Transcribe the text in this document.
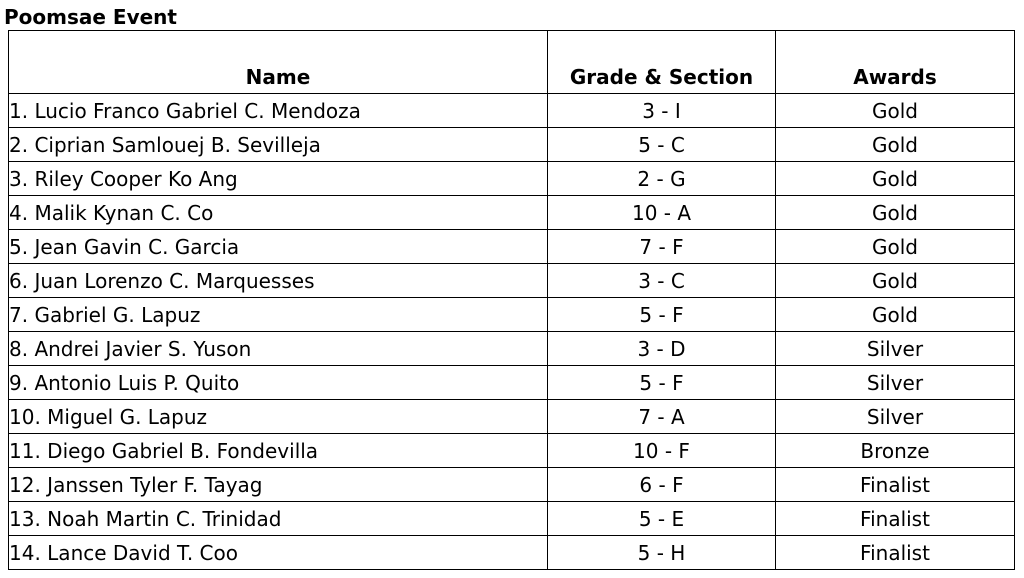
Poomsae Event
Name	Grade & Section	Awards
1. Lucio Franco Gabriel C. Mendoza	3 - I	Gold
2. Ciprian Samlouej B. Sevilleja	5 - C	Gold
3. Riley Cooper Ko Ang	2 - G	Gold
4. Malik Kynan C. Co	10 - A	Gold
5. Jean Gavin C. Garcia	7 - F	Gold
6. Juan Lorenzo C. Marquesses	3 - C	Gold
7. Gabriel G. Lapuz	5 - F	Gold
8. Andrei Javier S. Yuson	3 - D	Silver
9. Antonio Luis P. Quito	5 - F	Silver
10. Miguel G. Lapuz	7 - A	Silver
11. Diego Gabriel B. Fondevilla	10 - F	Bronze
12. Janssen Tyler F. Tayag	6 - F	Finalist
13. Noah Martin C. Trinidad	5 - E	Finalist
14. Lance David T. Coo	5 - H	Finalist
